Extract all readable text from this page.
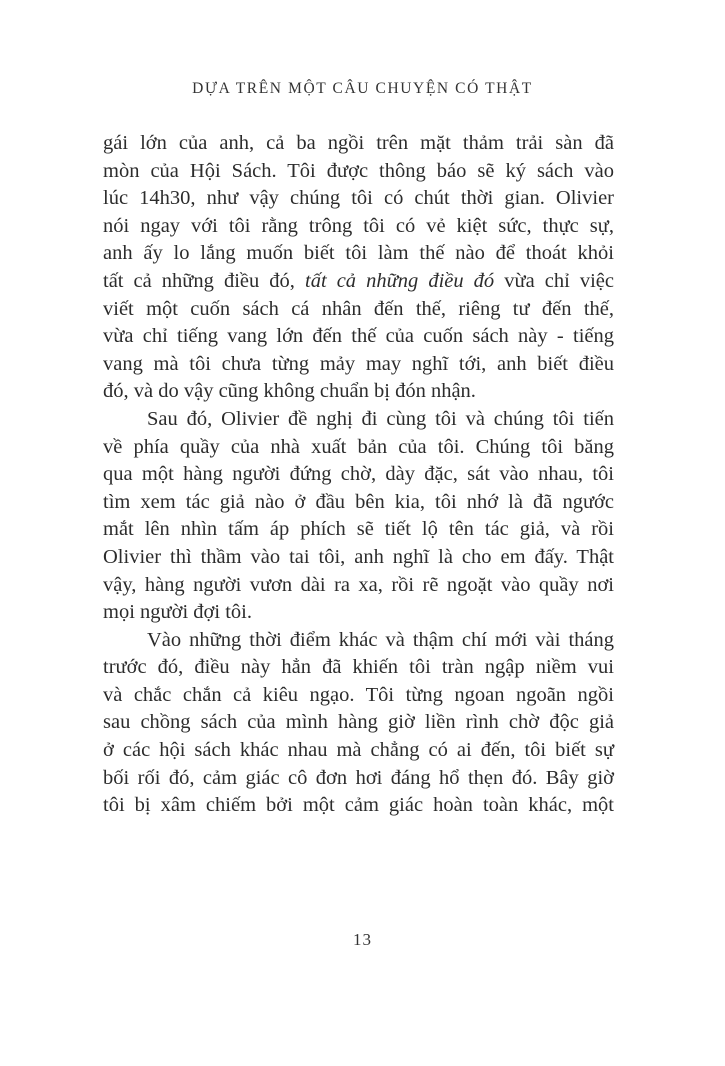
DỰA TRÊN MỘT CÂU CHUYỆN CÓ THẬT
gái lớn của anh, cả ba ngồi trên mặt thảm trải sàn đã
mòn của Hội Sách. Tôi được thông báo sẽ ký sách vào
lúc 14h30, như vậy chúng tôi có chút thời gian. Olivier
nói ngay với tôi rằng trông tôi có vẻ kiệt sức, thực sự,
anh ấy lo lắng muốn biết tôi làm thế nào để thoát khỏi
tất cả những điều đó, tất cả những điều đó vừa chỉ việc
viết một cuốn sách cá nhân đến thế, riêng tư đến thế,
vừa chỉ tiếng vang lớn đến thế của cuốn sách này - tiếng
vang mà tôi chưa từng mảy may nghĩ tới, anh biết điều
đó, và do vậy cũng không chuẩn bị đón nhận.
Sau đó, Olivier đề nghị đi cùng tôi và chúng tôi tiến
về phía quầy của nhà xuất bản của tôi. Chúng tôi băng
qua một hàng người đứng chờ, dày đặc, sát vào nhau, tôi
tìm xem tác giả nào ở đầu bên kia, tôi nhớ là đã ngước
mắt lên nhìn tấm áp phích sẽ tiết lộ tên tác giả, và rồi
Olivier thì thầm vào tai tôi, anh nghĩ là cho em đấy. Thật
vậy, hàng người vươn dài ra xa, rồi rẽ ngoặt vào quầy nơi
mọi người đợi tôi.
Vào những thời điểm khác và thậm chí mới vài tháng
trước đó, điều này hẳn đã khiến tôi tràn ngập niềm vui
và chắc chắn cả kiêu ngạo. Tôi từng ngoan ngoãn ngồi
sau chồng sách của mình hàng giờ liền rình chờ độc giả
ở các hội sách khác nhau mà chẳng có ai đến, tôi biết sự
bối rối đó, cảm giác cô đơn hơi đáng hổ thẹn đó. Bây giờ
tôi bị xâm chiếm bởi một cảm giác hoàn toàn khác, một
13
